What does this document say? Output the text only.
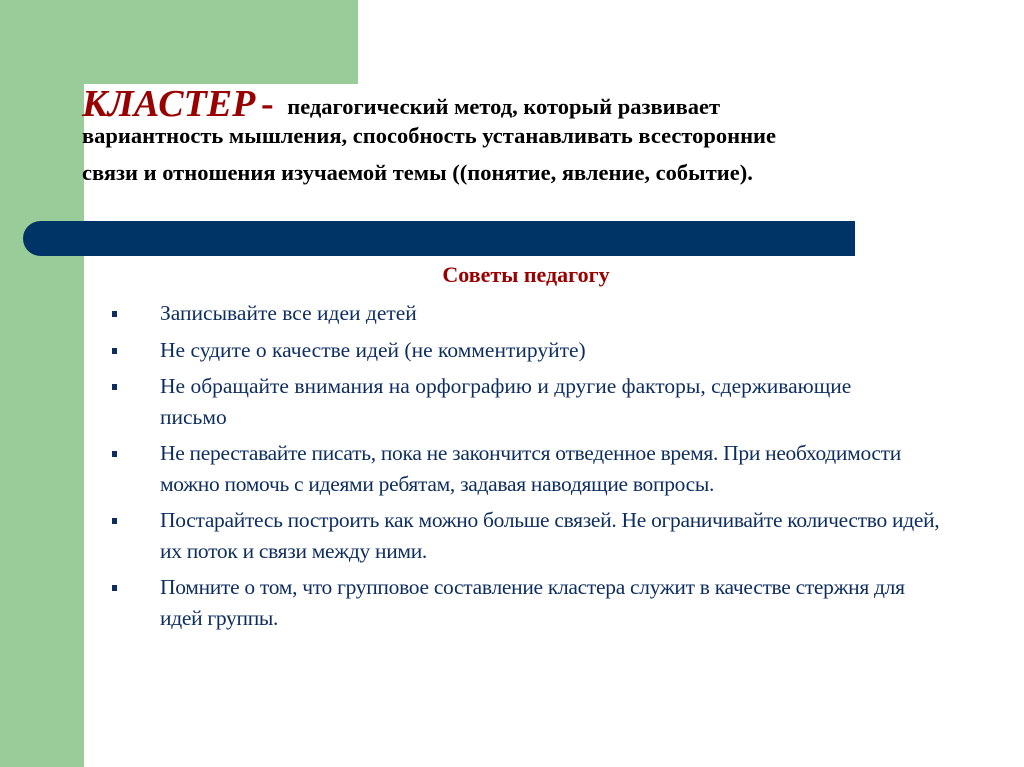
КЛАСТЕР - педагогический метод, который развивает
вариантность мышления, способность устанавливать всесторонние
связи и отношения изучаемой темы ((понятие, явление, событие).
Советы педагогу
Записывайте все идеи детей
Не судите о качестве идей (не комментируйте)
Не обращайте внимания на орфографию и другие факторы, сдерживающие письмо
Не переставайте писать, пока не закончится отведенное время. При необходимости можно помочь с идеями ребятам, задавая наводящие вопросы.
Постарайтесь построить как можно больше связей. Не ограничивайте количество идей, их поток и связи между ними.
Помните о том, что групповое составление кластера служит в качестве стержня для идей группы.
